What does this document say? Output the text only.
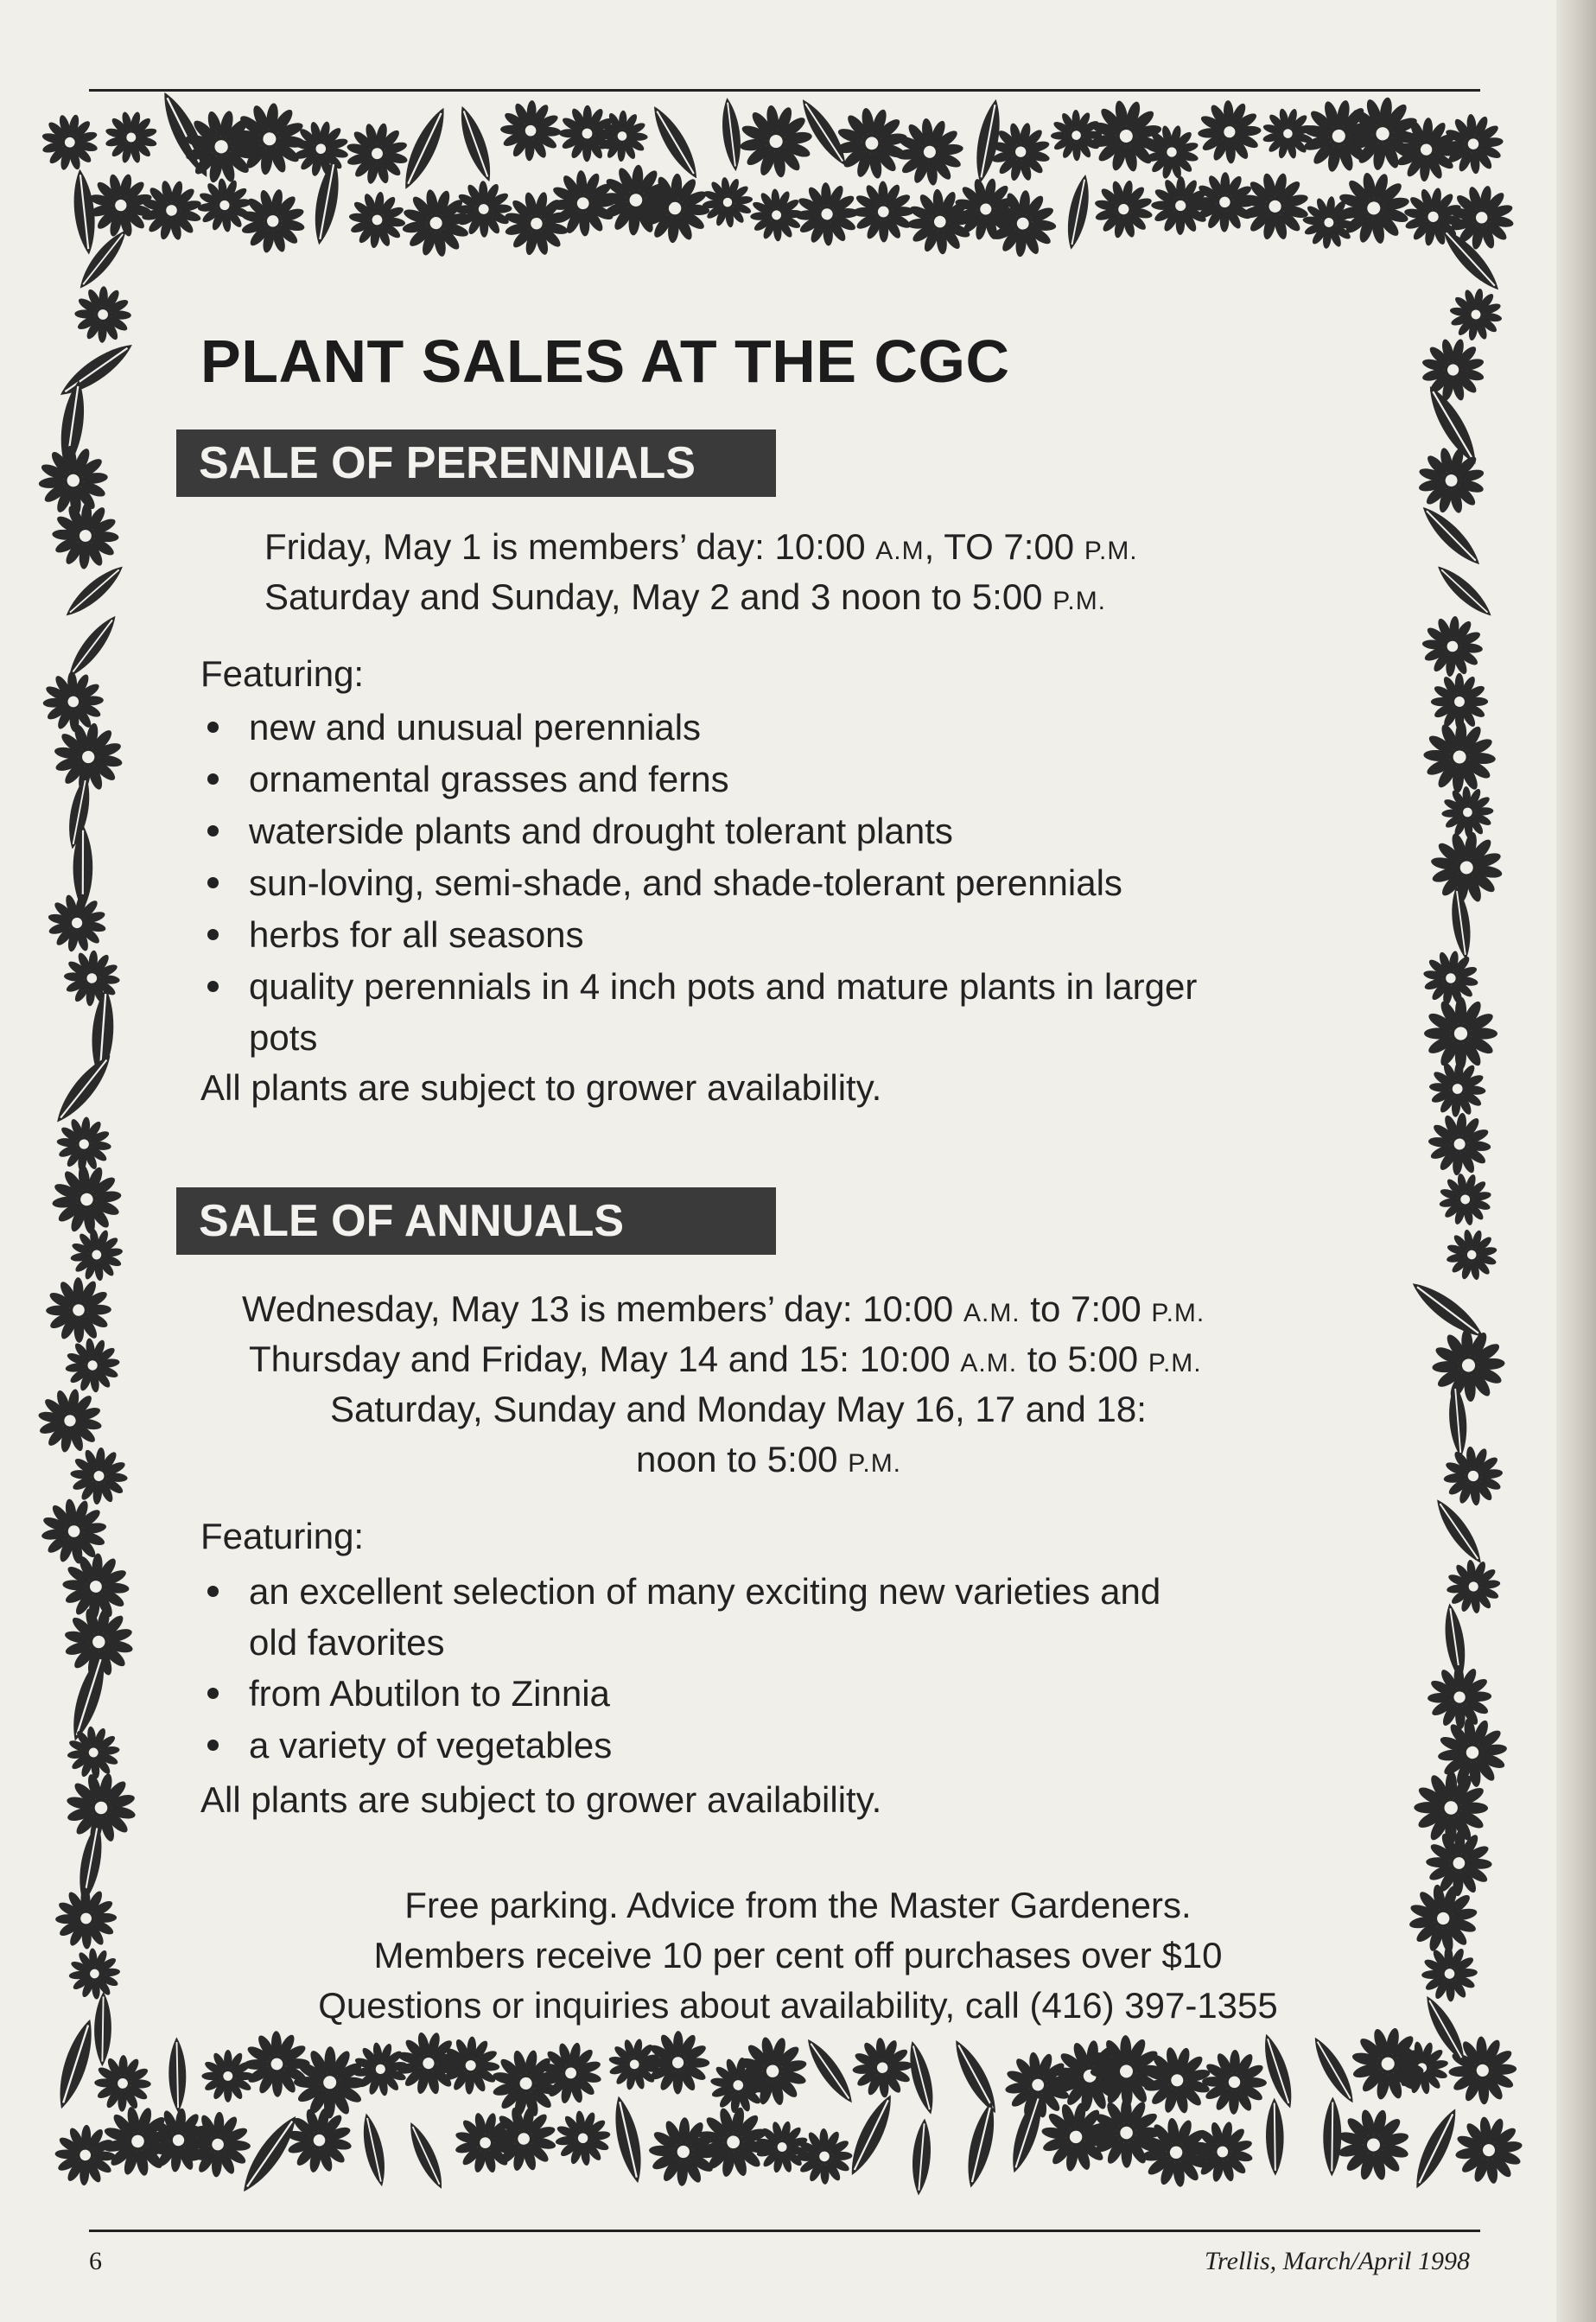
PLANT SALES AT THE CGC
SALE OF PERENNIALS
Friday, May 1 is members’ day: 10:00 A.M, TO 7:00 P.M.
Saturday and Sunday, May 2 and 3 noon to 5:00 P.M.
Featuring:
new and unusual perennials
ornamental grasses and ferns
waterside plants and drought tolerant plants
sun-loving, semi-shade, and shade-tolerant perennials
herbs for all seasons
quality perennials in 4 inch pots and mature plants in larger
pots
All plants are subject to grower availability.
SALE OF ANNUALS
Wednesday, May 13 is members’ day: 10:00 A.M. to 7:00 P.M.
Thursday and Friday, May 14 and 15: 10:00 A.M. to 5:00 P.M.
Saturday, Sunday and Monday May 16, 17 and 18:
noon to 5:00 P.M.
Featuring:
an excellent selection of many exciting new varieties and
old favorites
from Abutilon to Zinnia
a variety of vegetables
All plants are subject to grower availability.
Free parking. Advice from the Master Gardeners.
Members receive 10 per cent off purchases over $10
Questions or inquiries about availability, call (416) 397-1355
6	Trellis, March/April 1998
